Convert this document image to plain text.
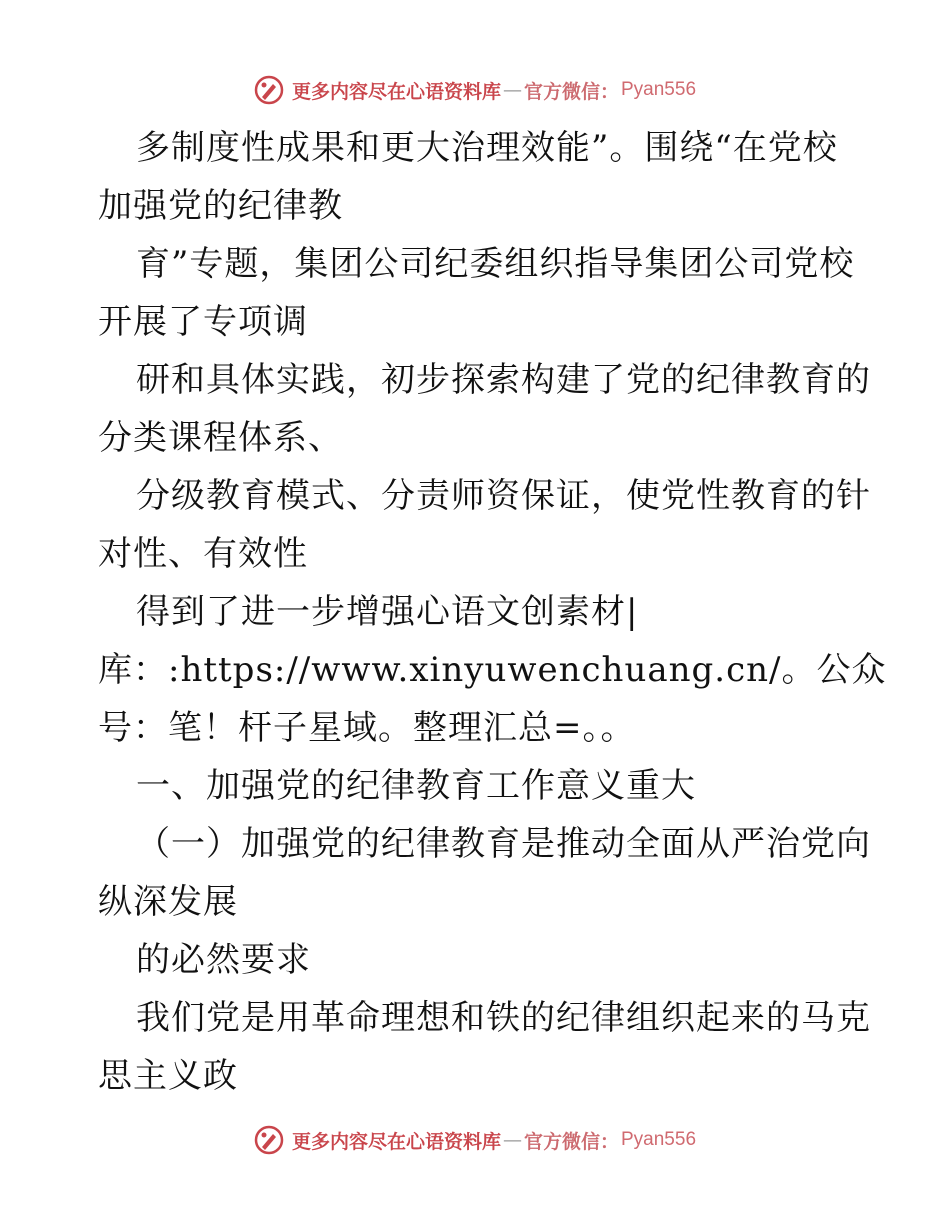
更多内容尽在心语资料库 — 官方微信： Pyan556
多制度性成果和更大治理效能”。围绕“在党校
加强党的纪律教
育”专题，集团公司纪委组织指导集团公司党校
开展了专项调
研和具体实践，初步探索构建了党的纪律教育的
分类课程体系、
分级教育模式、分责师资保证，使党性教育的针
对性、有效性
得到了进一步增强心语文创素材|
库：:https://www.xinyuwenchuang.cn/。公众
号：笔！杆子星域。整理汇总=。。
一、加强党的纪律教育工作意义重大
（一）加强党的纪律教育是推动全面从严治党向
纵深发展
的必然要求
我们党是用革命理想和铁的纪律组织起来的马克
思主义政
更多内容尽在心语资料库 — 官方微信： Pyan556
